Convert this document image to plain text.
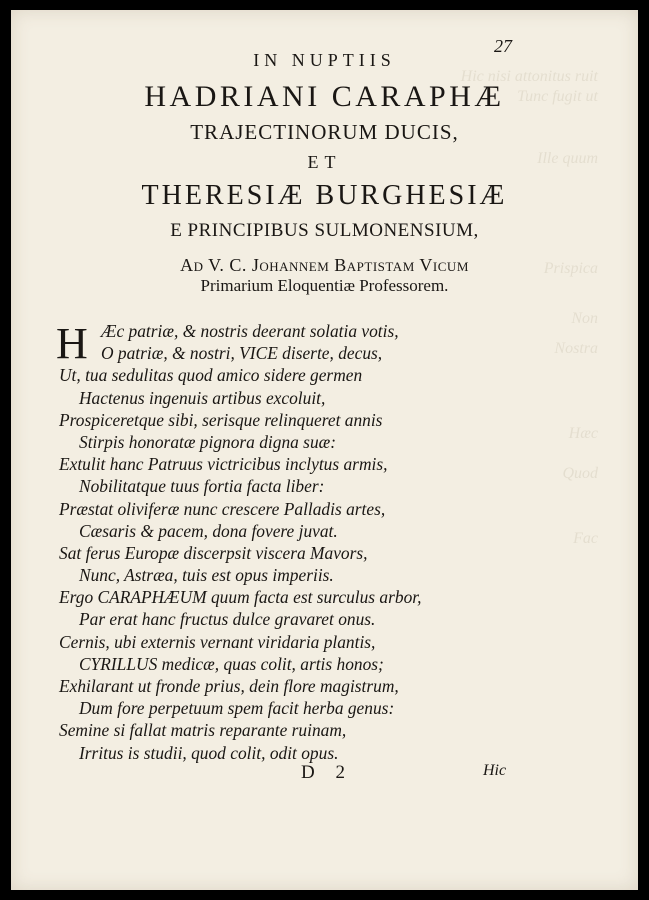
Hic nisi attonitus ruit
Tunc fugit ut
Ille quum
Prispica
Non
Nostra
Hæc
Quod
Fac
27
IN NUPTIIS
HADRIANI CARAPHÆ
TRAJECTINORUM DUCIS,
ET
THERESIÆ BURGHESIÆ
E PRINCIPIBUS SULMONENSIUM,
Ad V. C. Johannem Baptistam Vicum
Primarium Eloquentiæ Professorem.
H Æc patriæ, & nostris deerant solatia votis,
O patriæ, & nostri, VICE diserte, decus,
Ut, tua sedulitas quod amico sidere germen
Hactenus ingenuis artibus excoluit,
Prospiceretque sibi, serisque relinqueret annis
Stirpis honoratæ pignora digna suæ:
Extulit hanc Patruus victricibus inclytus armis,
Nobilitatque tuus fortia facta liber:
Præstat oliviferæ nunc crescere Palladis artes,
Cæsaris & pacem, dona fovere juvat.
Sat ferus Europæ discerpsit viscera Mavors,
Nunc, Astræa, tuis est opus imperiis.
Ergo CARAPHÆUM quum facta est surculus arbor,
Par erat hanc fructus dulce gravaret onus.
Cernis, ubi externis vernant viridaria plantis,
CYRILLUS medicæ, quas colit, artis honos;
Exhilarant ut fronde prius, dein flore magistrum,
Dum fore perpetuum spem facit herba genus:
Semine si fallat matris reparante ruinam,
Irritus is studii, quod colit, odit opus.
D 2	Hic
